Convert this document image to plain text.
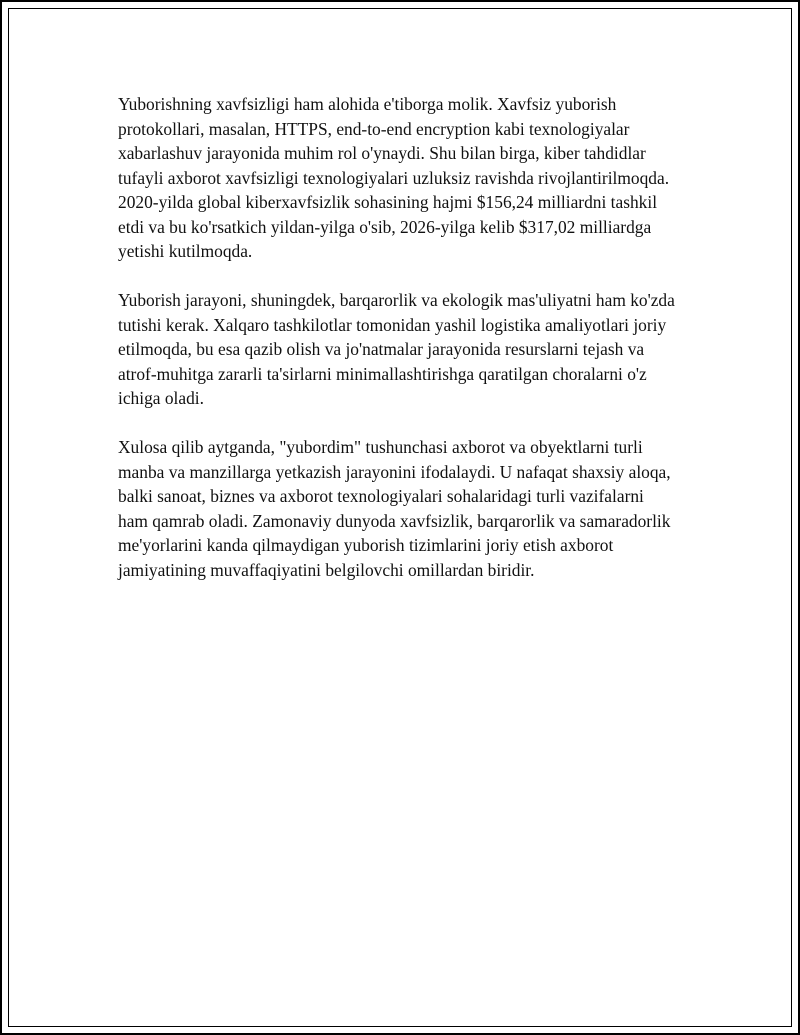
Yuborishning xavfsizligi ham alohida e'tiborga molik. Xavfsiz yuborish protokollari, masalan, HTTPS, end-to-end encryption kabi texnologiyalar xabarlashuv jarayonida muhim rol o'ynaydi. Shu bilan birga, kiber tahdidlar tufayli axborot xavfsizligi texnologiyalari uzluksiz ravishda rivojlantirilmoqda. 2020-yilda global kiberxavfsizlik sohasining hajmi $156,24 milliardni tashkil etdi va bu ko'rsatkich yildan-yilga o'sib, 2026-yilga kelib $317,02 milliardga yetishi kutilmoqda.

Yuborish jarayoni, shuningdek, barqarorlik va ekologik mas'uliyatni ham ko'zda tutishi kerak. Xalqaro tashkilotlar tomonidan yashil logistika amaliyotlari joriy etilmoqda, bu esa qazib olish va jo'natmalar jarayonida resurslarni tejash va atrof-muhitga zararli ta'sirlarni minimallashtirishga qaratilgan choralarni o'z ichiga oladi.

Xulosa qilib aytganda, "yubordim" tushunchasi axborot va obyektlarni turli manba va manzillarga yetkazish jarayonini ifodalaydi. U nafaqat shaxsiy aloqa, balki sanoat, biznes va axborot texnologiyalari sohalaridagi turli vazifalarni ham qamrab oladi. Zamonaviy dunyoda xavfsizlik, barqarorlik va samaradorlik me'yorlarini kanda qilmaydigan yuborish tizimlarini joriy etish axborot jamiyatining muvaffaqiyatini belgilovchi omillardan biridir.
